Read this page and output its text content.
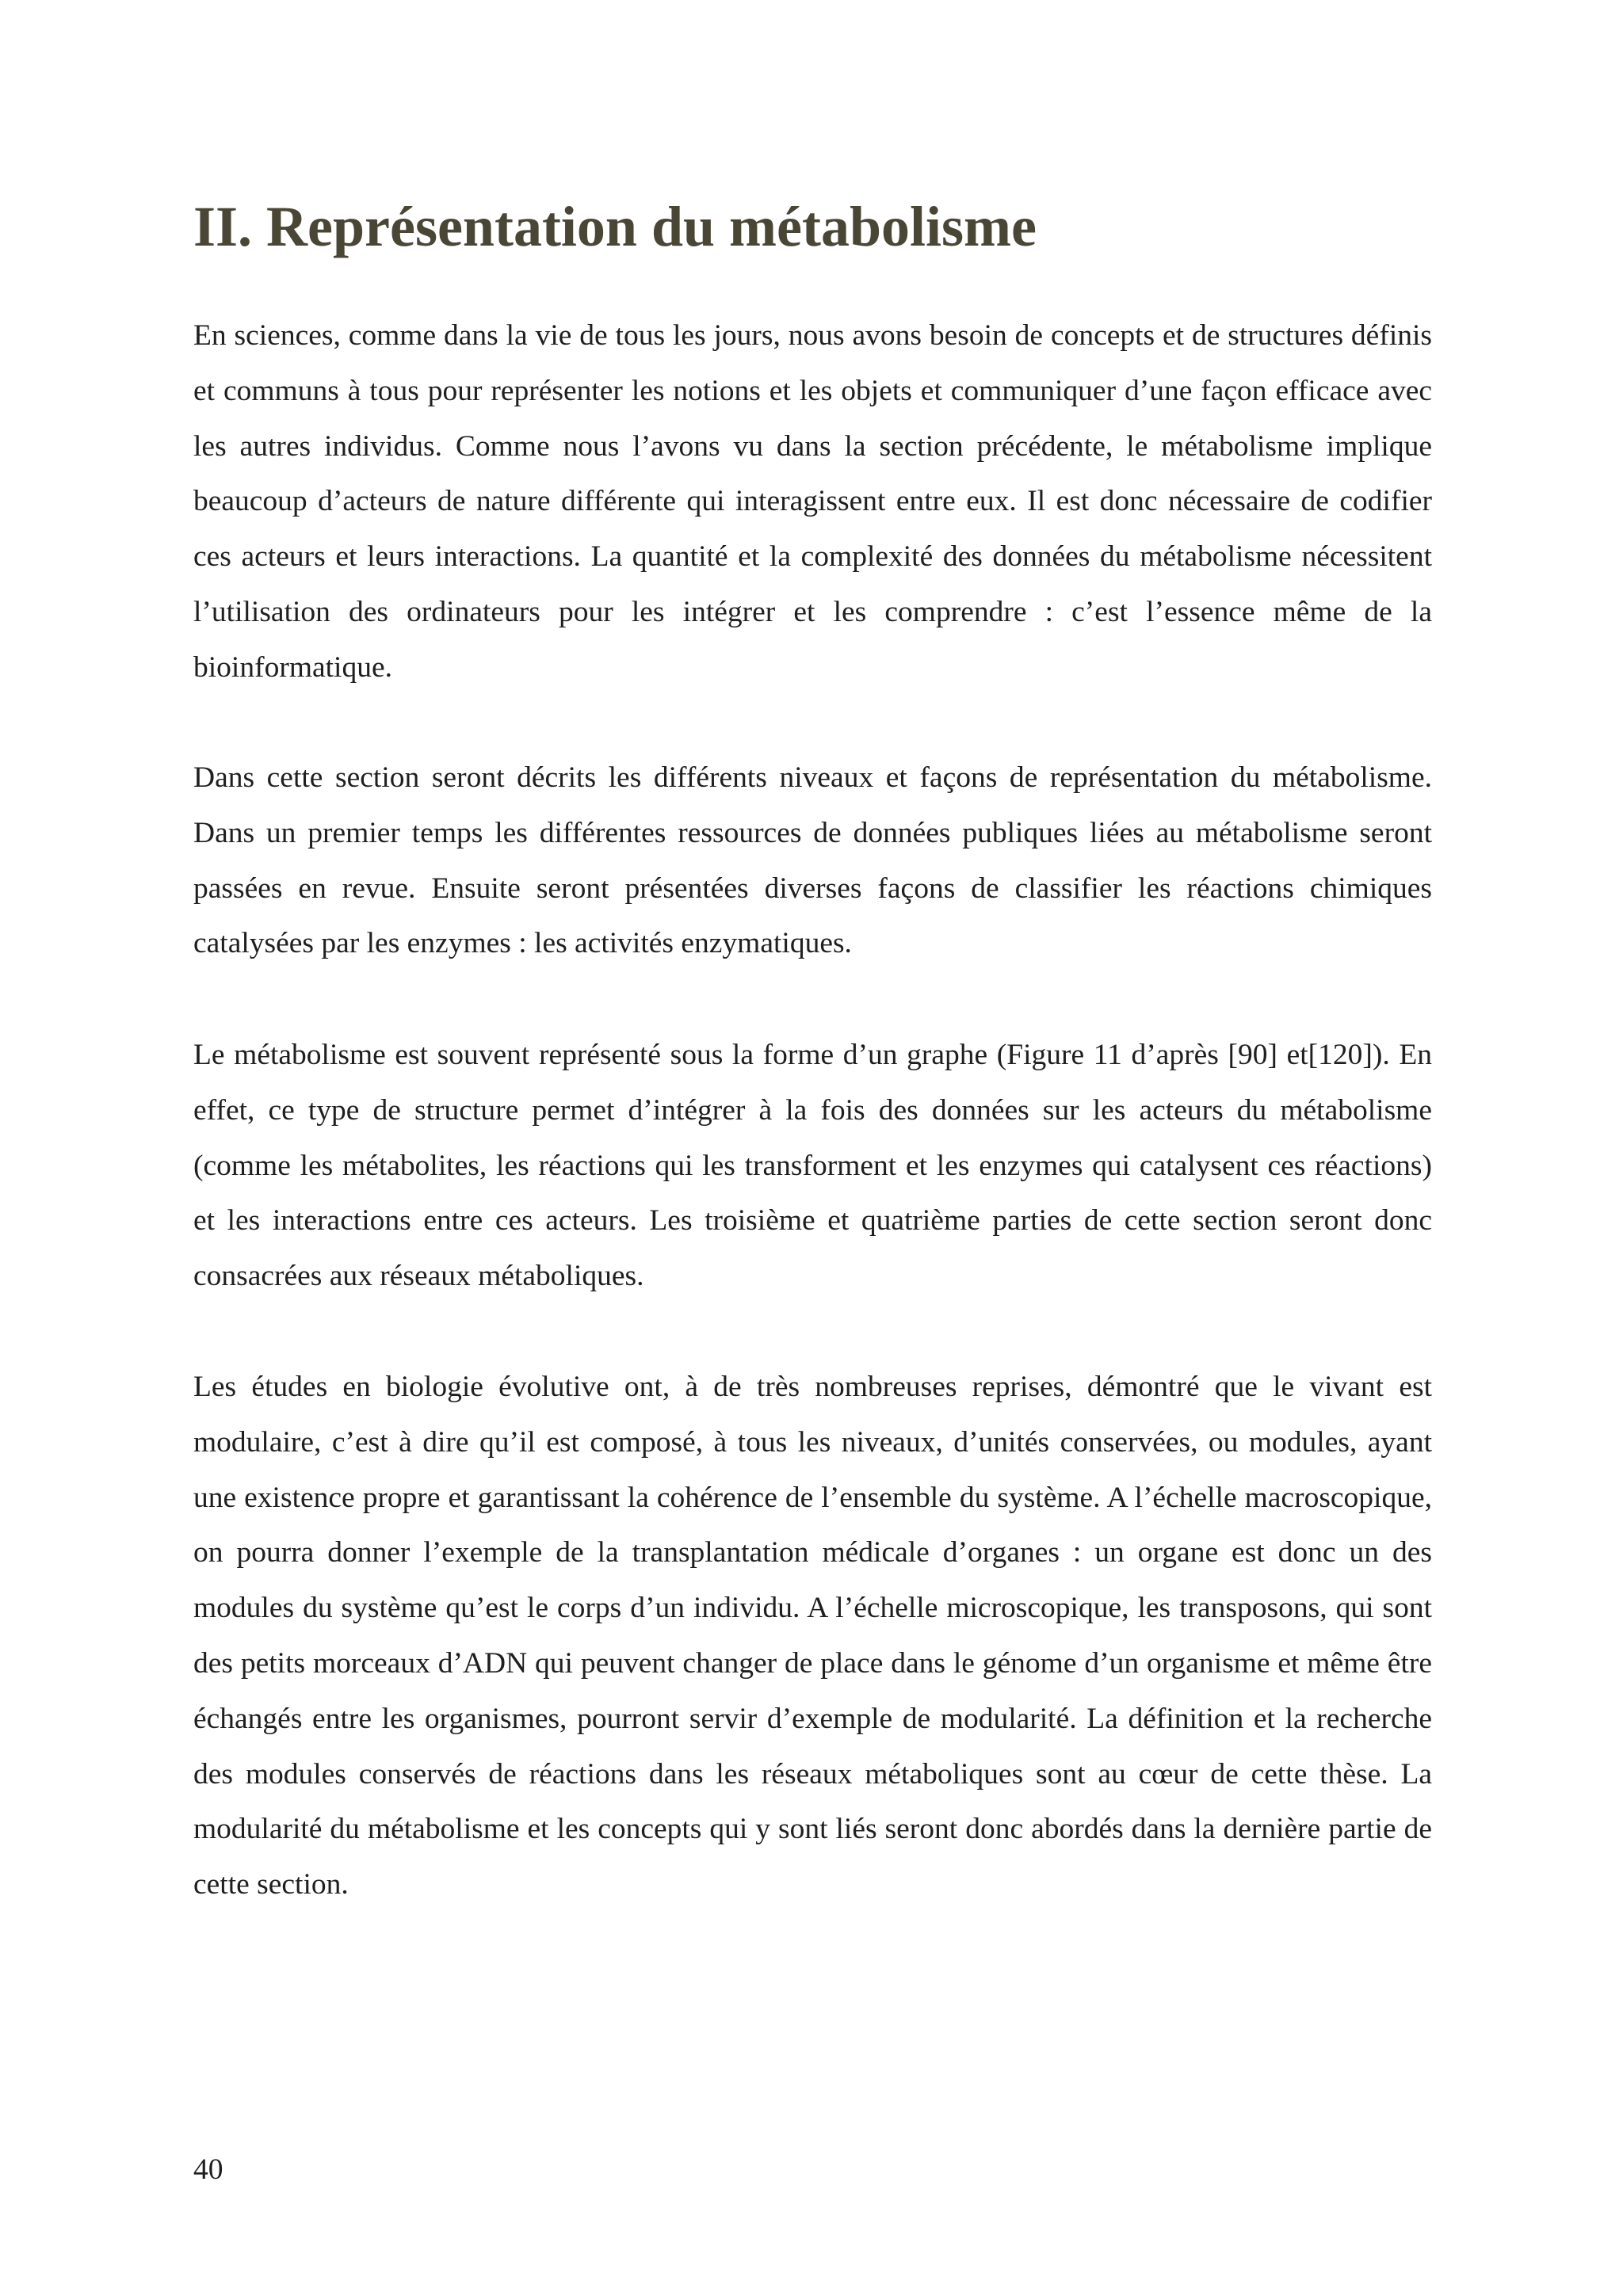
II. Représentation du métabolisme

En sciences, comme dans la vie de tous les jours, nous avons besoin de concepts et de structures définis et communs à tous pour représenter les notions et les objets et communiquer d’une façon efficace avec les autres individus. Comme nous l’avons vu dans la section précédente, le métabolisme implique beaucoup d’acteurs de nature différente qui interagissent entre eux. Il est donc nécessaire de codifier ces acteurs et leurs interactions. La quantité et la complexité des données du métabolisme nécessitent l’utilisation des ordinateurs pour les intégrer et les comprendre : c’est l’essence même de la bioinformatique.

Dans cette section seront décrits les différents niveaux et façons de représentation du métabolisme. Dans un premier temps les différentes ressources de données publiques liées au métabolisme seront passées en revue. Ensuite seront présentées diverses façons de classifier les réactions chimiques catalysées par les enzymes : les activités enzymatiques.

Le métabolisme est souvent représenté sous la forme d’un graphe (Figure 11 d’après [90] et[120]). En effet, ce type de structure permet d’intégrer à la fois des données sur les acteurs du métabolisme (comme les métabolites, les réactions qui les transforment et les enzymes qui catalysent ces réactions) et les interactions entre ces acteurs. Les troisième et quatrième parties de cette section seront donc consacrées aux réseaux métaboliques.

Les études en biologie évolutive ont, à de très nombreuses reprises, démontré que le vivant est modulaire, c’est à dire qu’il est composé, à tous les niveaux, d’unités conservées, ou modules, ayant une existence propre et garantissant la cohérence de l’ensemble du système. A l’échelle macroscopique, on pourra donner l’exemple de la transplantation médicale d’organes : un organe est donc un des modules du système qu’est le corps d’un individu. A l’échelle microscopique, les transposons, qui sont des petits morceaux d’ADN qui peuvent changer de place dans le génome d’un organisme et même être échangés entre les organismes, pourront servir d’exemple de modularité. La définition et la recherche des modules conservés de réactions dans les réseaux métaboliques sont au cœur de cette thèse. La modularité du métabolisme et les concepts qui y sont liés seront donc abordés dans la dernière partie de cette section.

40
